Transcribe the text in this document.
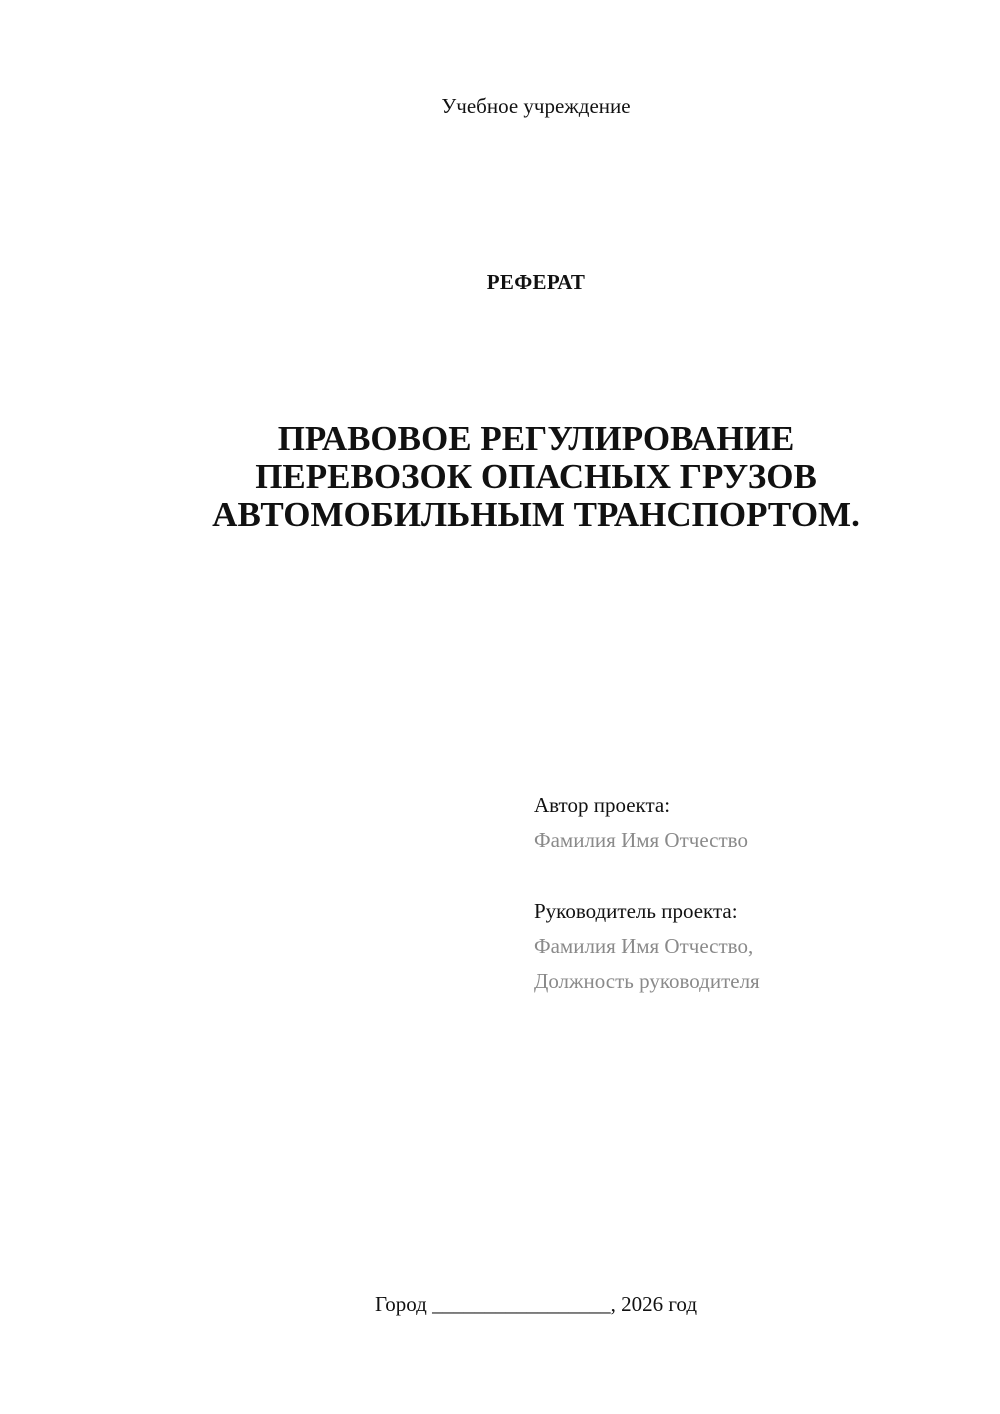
Учебное учреждение
РЕФЕРАТ
ПРАВОВОЕ РЕГУЛИРОВАНИЕ
ПЕРЕВОЗОК ОПАСНЫХ ГРУЗОВ
АВТОМОБИЛЬНЫМ ТРАНСПОРТОМ.
Автор проекта:
Фамилия Имя Отчество
Руководитель проекта:
Фамилия Имя Отчество,
Должность руководителя
Город _________________, 2026 год
